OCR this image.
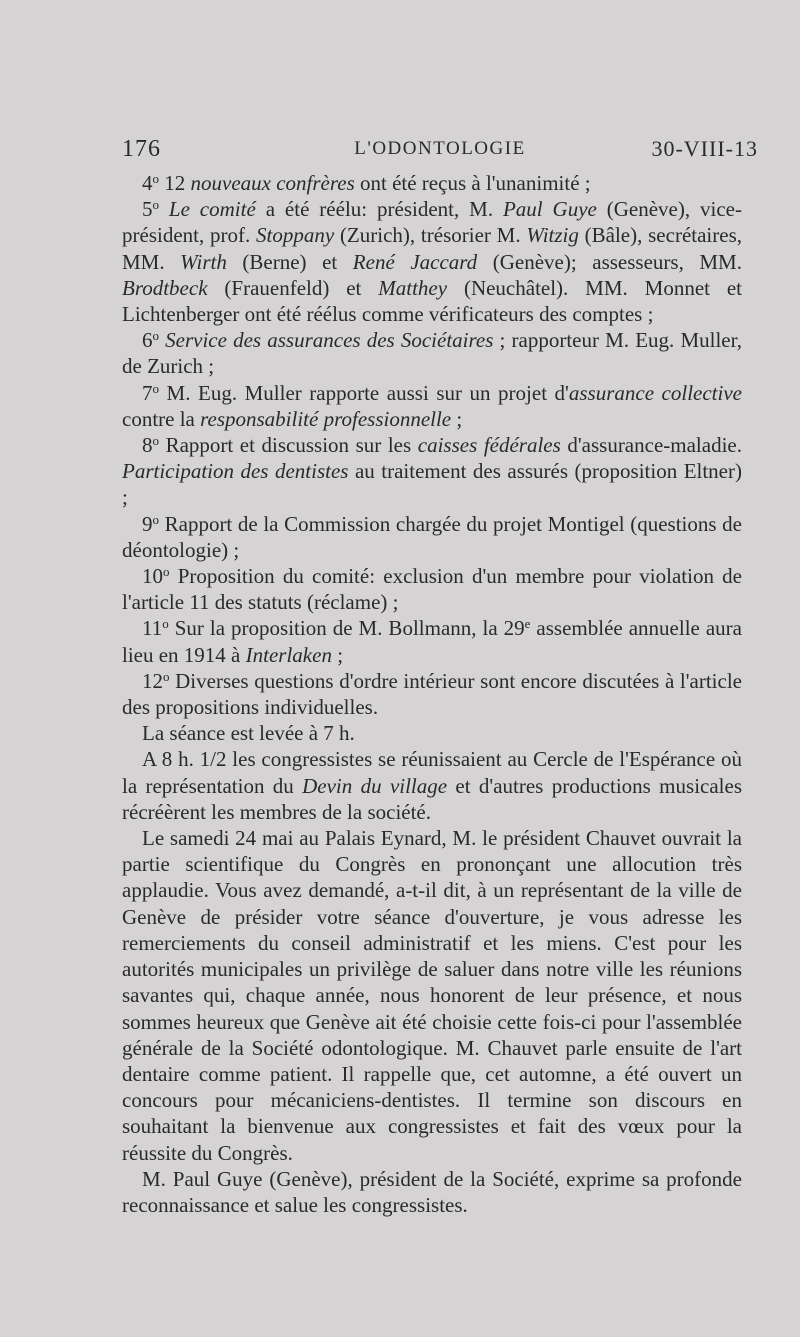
176	L'ODONTOLOGIE	30-VIII-13

4$^o$ 12 nouveaux confrères ont été reçus à l'unanimité ;

5$^o$ Le comité a été réélu: président, M. Paul Guye (Genève), vice-président, prof. Stoppany (Zurich), trésorier M. Witzig (Bâle), secrétaires, MM. Wirth (Berne) et René Jaccard (Genève); assesseurs, MM. Brodtbeck (Frauenfeld) et Matthey (Neuchâtel). MM. Monnet et Lichtenberger ont été réélus comme vérificateurs des comptes ;

6$^o$ Service des assurances des Sociétaires ; rapporteur M. Eug. Muller, de Zurich ;

7$^o$ M. Eug. Muller rapporte aussi sur un projet d'assurance collective contre la responsabilité professionnelle ;

8$^o$ Rapport et discussion sur les caisses fédérales d'assurance-maladie. Participation des dentistes au traitement des assurés (proposition Eltner) ;

9$^o$ Rapport de la Commission chargée du projet Montigel (questions de déontologie) ;

10$^o$ Proposition du comité: exclusion d'un membre pour violation de l'article 11 des statuts (réclame) ;

11$^o$ Sur la proposition de M. Bollmann, la 29e assemblée annuelle aura lieu en 1914 à Interlaken ;

12$^o$ Diverses questions d'ordre intérieur sont encore discutées à l'article des propositions individuelles.

La séance est levée à 7 h.

A 8 h. 1/2 les congressistes se réunissaient au Cercle de l'Espérance où la représentation du Devin du village et d'autres productions musicales récréèrent les membres de la société.

Le samedi 24 mai au Palais Eynard, M. le président Chauvet ouvrait la partie scientifique du Congrès en prononçant une allocution très applaudie. Vous avez demandé, a-t-il dit, à un représentant de la ville de Genève de présider votre séance d'ouverture, je vous adresse les remerciements du conseil administratif et les miens. C'est pour les autorités municipales un privilège de saluer dans notre ville les réunions savantes qui, chaque année, nous honorent de leur présence, et nous sommes heureux que Genève ait été choisie cette fois-ci pour l'assemblée générale de la Société odontologique. M. Chauvet parle ensuite de l'art dentaire comme patient. Il rappelle que, cet automne, a été ouvert un concours pour mécaniciens-dentistes. Il termine son discours en souhaitant la bienvenue aux congressistes et fait des vœux pour la réussite du Congrès.

M. Paul Guye (Genève), président de la Société, exprime sa profonde reconnaissance et salue les congressistes.
